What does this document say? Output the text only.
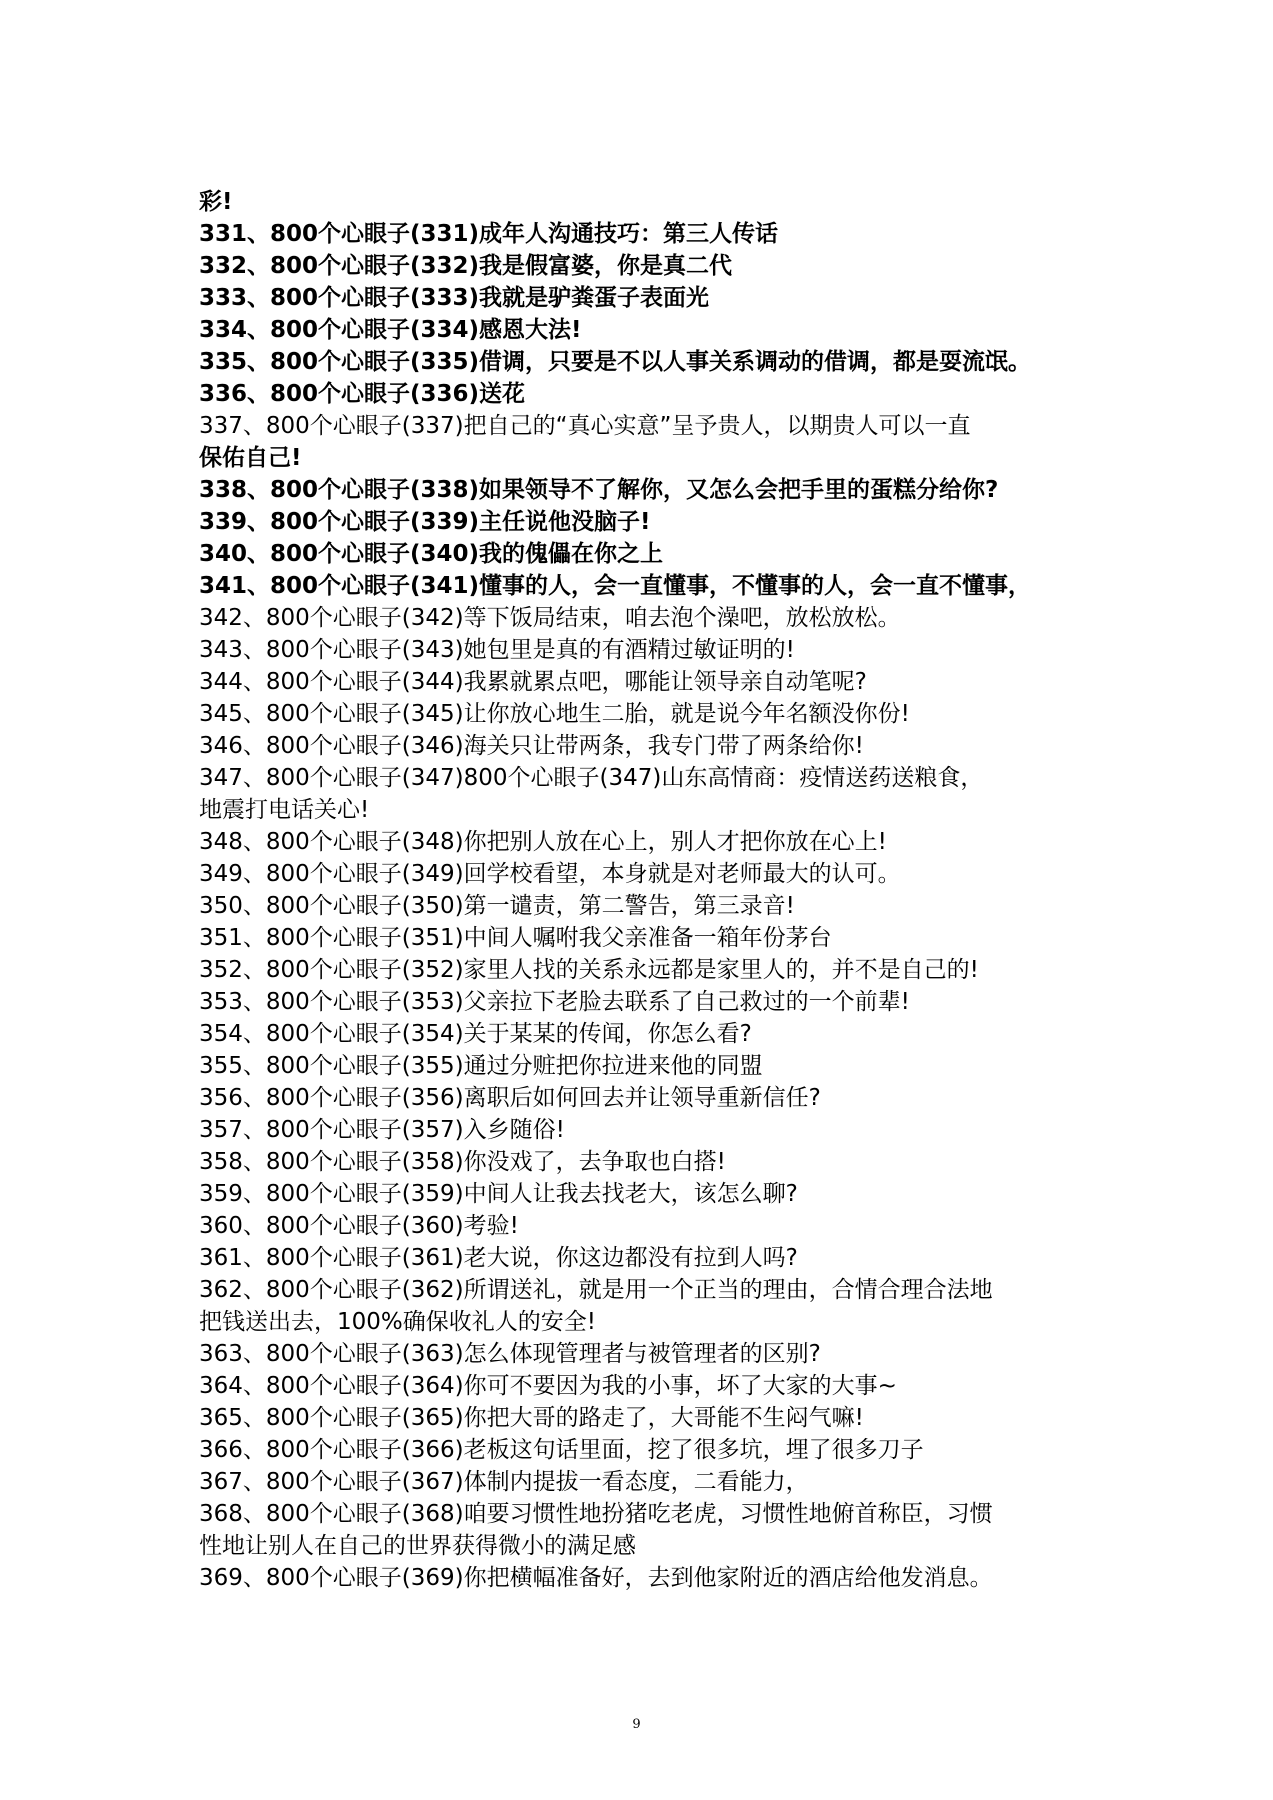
彩!
331、800个心眼子(331)成年人沟通技巧：第三人传话
332、800个心眼子(332)我是假富婆，你是真二代
333、800个心眼子(333)我就是驴粪蛋子表面光
334、800个心眼子(334)感恩大法!
335、800个心眼子(335)借调，只要是不以人事关系调动的借调，都是耍流氓。
336、800个心眼子(336)送花
337、800个心眼子(337)把自己的“真心实意”呈予贵人，以期贵人可以一直
保佑自己!
338、800个心眼子(338)如果领导不了解你，又怎么会把手里的蛋糕分给你?
339、800个心眼子(339)主任说他没脑子!
340、800个心眼子(340)我的傀儡在你之上
341、800个心眼子(341)懂事的人，会一直懂事，不懂事的人，会一直不懂事，
342、800个心眼子(342)等下饭局结束，咱去泡个澡吧，放松放松。
343、800个心眼子(343)她包里是真的有酒精过敏证明的!
344、800个心眼子(344)我累就累点吧，哪能让领导亲自动笔呢?
345、800个心眼子(345)让你放心地生二胎，就是说今年名额没你份!
346、800个心眼子(346)海关只让带两条，我专门带了两条给你!
347、800个心眼子(347)800个心眼子(347)山东高情商：疫情送药送粮食，
地震打电话关心!
348、800个心眼子(348)你把别人放在心上，别人才把你放在心上!
349、800个心眼子(349)回学校看望，本身就是对老师最大的认可。
350、800个心眼子(350)第一谴责，第二警告，第三录音!
351、800个心眼子(351)中间人嘱咐我父亲准备一箱年份茅台
352、800个心眼子(352)家里人找的关系永远都是家里人的，并不是自己的!
353、800个心眼子(353)父亲拉下老脸去联系了自己救过的一个前辈!
354、800个心眼子(354)关于某某的传闻，你怎么看?
355、800个心眼子(355)通过分赃把你拉进来他的同盟
356、800个心眼子(356)离职后如何回去并让领导重新信任?
357、800个心眼子(357)入乡随俗!
358、800个心眼子(358)你没戏了，去争取也白搭!
359、800个心眼子(359)中间人让我去找老大，该怎么聊?
360、800个心眼子(360)考验!
361、800个心眼子(361)老大说，你这边都没有拉到人吗?
362、800个心眼子(362)所谓送礼，就是用一个正当的理由，合情合理合法地
把钱送出去，100%确保收礼人的安全!
363、800个心眼子(363)怎么体现管理者与被管理者的区别?
364、800个心眼子(364)你可不要因为我的小事，坏了大家的大事~
365、800个心眼子(365)你把大哥的路走了，大哥能不生闷气嘛!
366、800个心眼子(366)老板这句话里面，挖了很多坑，埋了很多刀子
367、800个心眼子(367)体制内提拔一看态度，二看能力，
368、800个心眼子(368)咱要习惯性地扮猪吃老虎，习惯性地俯首称臣，习惯
性地让别人在自己的世界获得微小的满足感
369、800个心眼子(369)你把横幅准备好，去到他家附近的酒店给他发消息。
9
